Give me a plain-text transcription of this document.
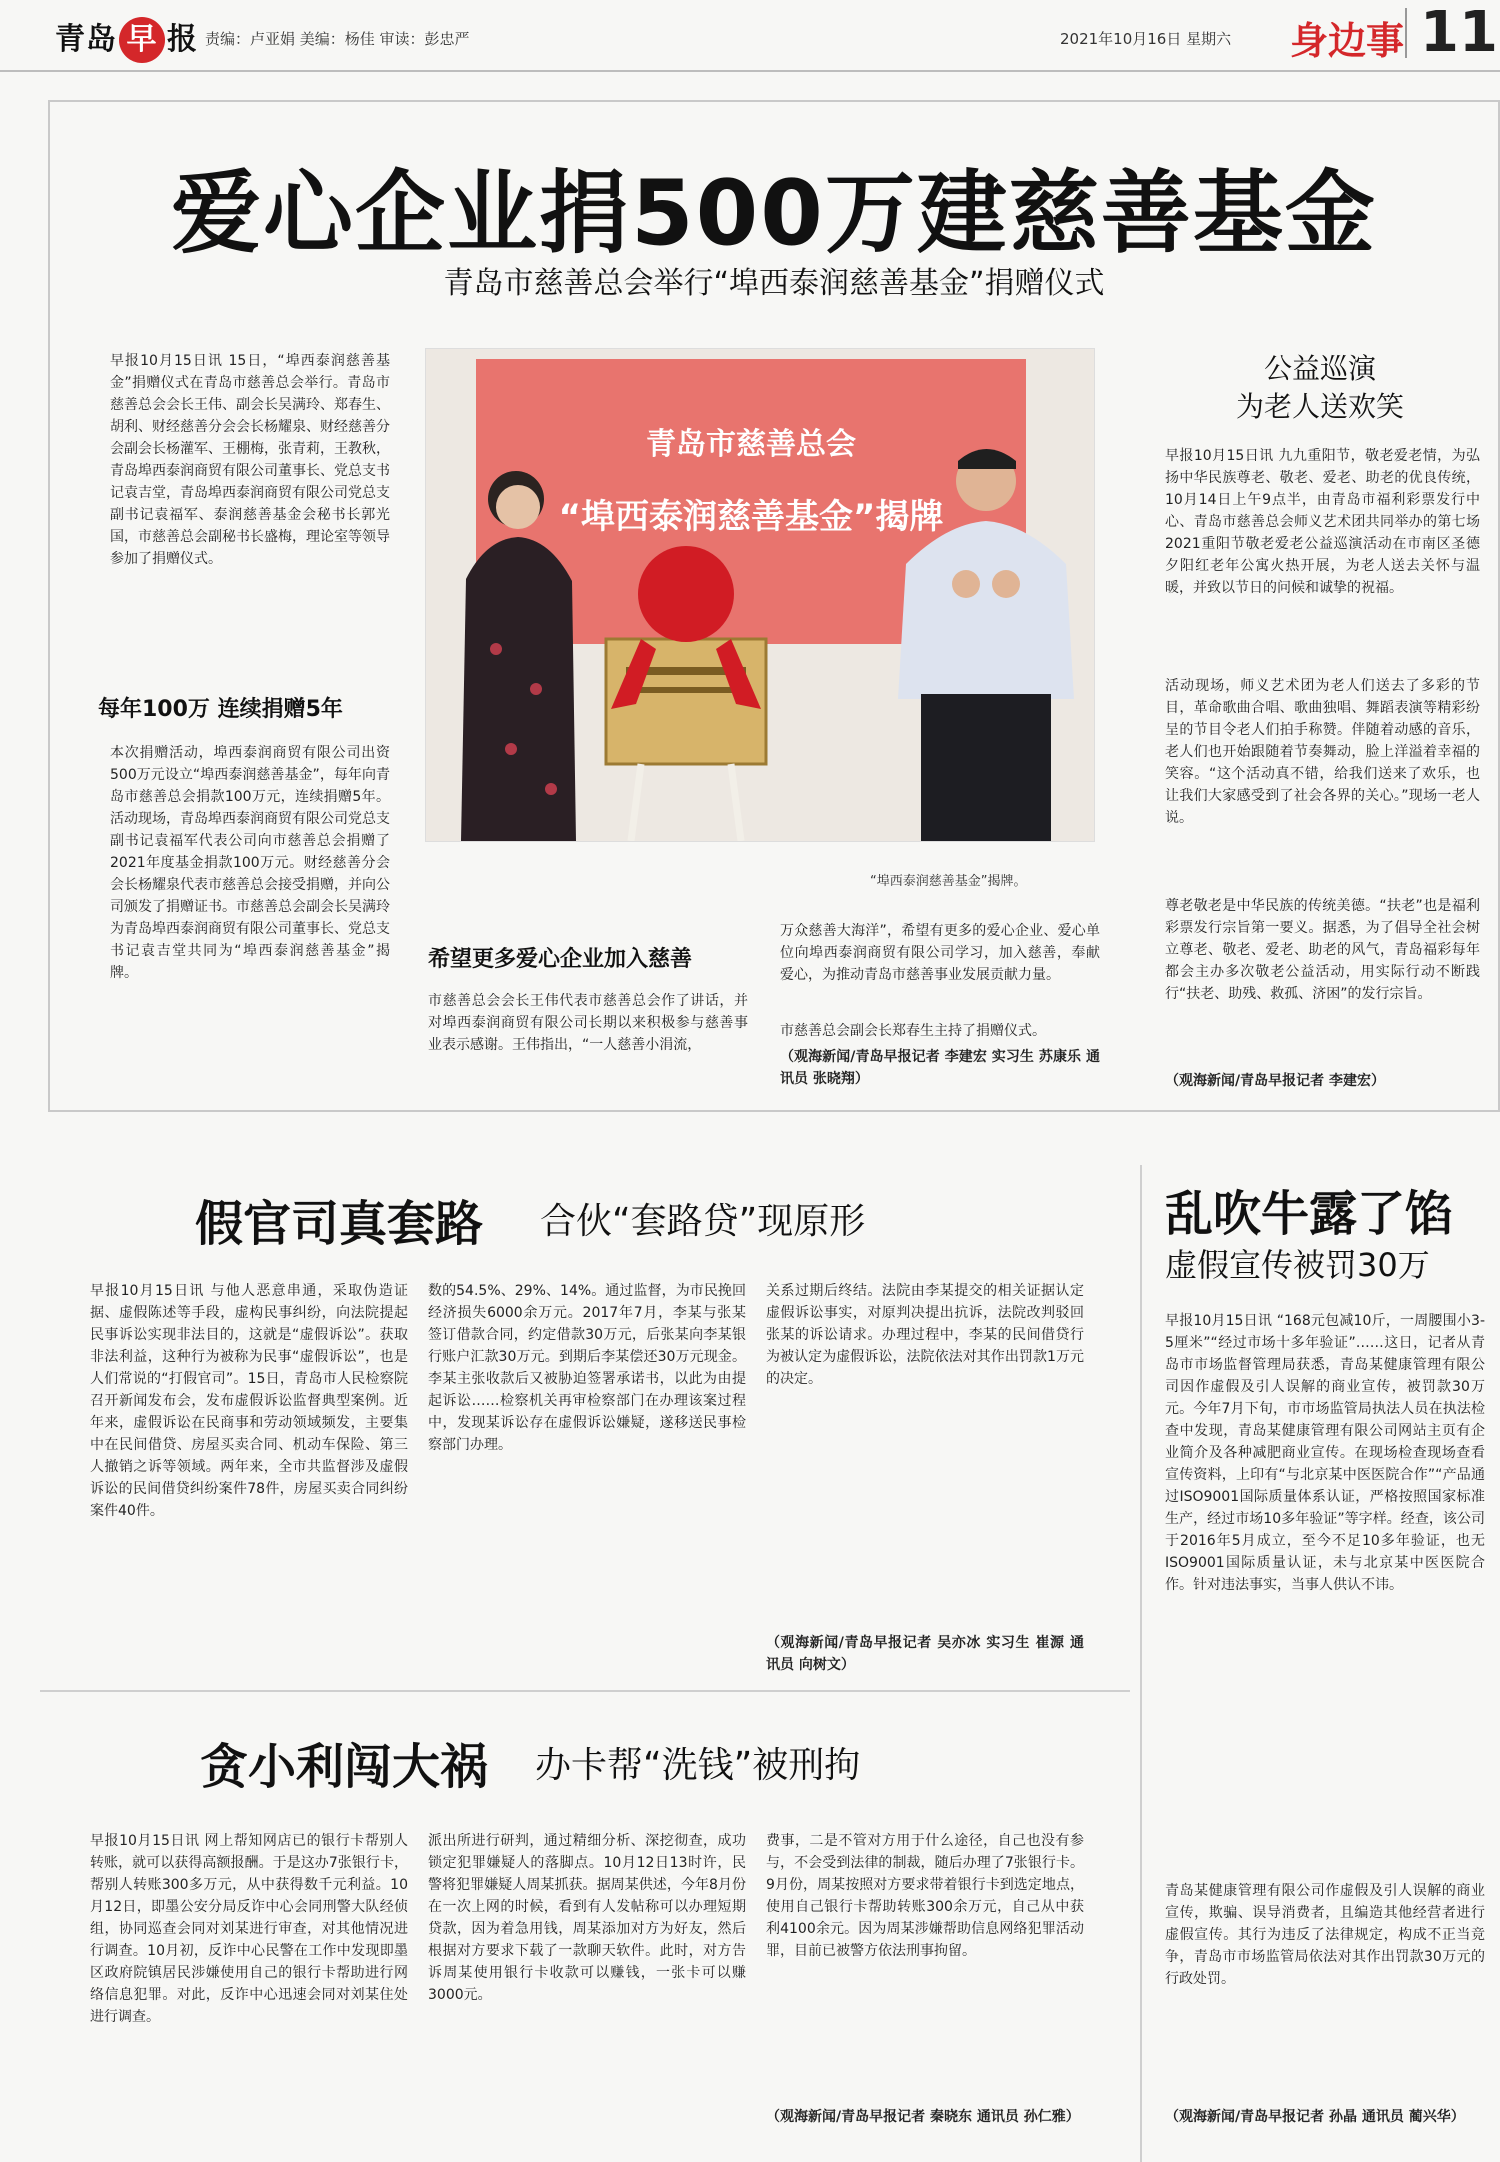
青岛 早 报 责编：卢亚娟 美编：杨佳 审读：彭忠严	2021年10月16日 星期六 身边事 11
爱心企业捐500万建慈善基金
青岛市慈善总会举行“埠西泰润慈善基金”捐赠仪式
早报10月15日讯 15日，“埠西泰润慈善基金”捐赠仪式在青岛市慈善总会举行。青岛市慈善总会会长王伟、副会长吴满玲、郑春生、胡利、财经慈善分会会长杨耀泉、财经慈善分会副会长杨灌军、王棚梅，张青莉，王教秋，青岛埠西泰润商贸有限公司董事长、党总支书记袁吉堂，青岛埠西泰润商贸有限公司党总支副书记袁福军、泰润慈善基金会秘书长郭光国，市慈善总会副秘书长盛梅，理论室等领导参加了捐赠仪式。
每年100万 连续捐赠5年
本次捐赠活动，埠西泰润商贸有限公司出资500万元设立“埠西泰润慈善基金”，每年向青岛市慈善总会捐款100万元，连续捐赠5年。活动现场，青岛埠西泰润商贸有限公司党总支副书记袁福军代表公司向市慈善总会捐赠了2021年度基金捐款100万元。财经慈善分会会长杨耀泉代表市慈善总会接受捐赠，并向公司颁发了捐赠证书。市慈善总会副会长吴满玲为青岛埠西泰润商贸有限公司董事长、党总支书记袁吉堂共同为“埠西泰润慈善基金”揭牌。
青岛市慈善总会
“埠西泰润慈善基金”揭牌
“埠西泰润慈善基金”揭牌。
希望更多爱心企业加入慈善
市慈善总会会长王伟代表市慈善总会作了讲话，并对埠西泰润商贸有限公司长期以来积极参与慈善事业表示感谢。王伟指出，“一人慈善小涓流，
万众慈善大海洋”，希望有更多的爱心企业、爱心单位向埠西泰润商贸有限公司学习，加入慈善，奉献爱心，为推动青岛市慈善事业发展贡献力量。
市慈善总会副会长郑春生主持了捐赠仪式。
（观海新闻/青岛早报记者 李建宏 实习生 苏康乐 通讯员 张晓翔）
公益巡演
为老人送欢笑
早报10月15日讯 九九重阳节，敬老爱老情，为弘扬中华民族尊老、敬老、爱老、助老的优良传统，10月14日上午9点半，由青岛市福利彩票发行中心、青岛市慈善总会师义艺术团共同举办的第七场2021重阳节敬老爱老公益巡演活动在市南区圣德夕阳红老年公寓火热开展，为老人送去关怀与温暖，并致以节日的问候和诚挚的祝福。
活动现场，师义艺术团为老人们送去了多彩的节目，革命歌曲合唱、歌曲独唱、舞蹈表演等精彩纷呈的节目令老人们拍手称赞。伴随着动感的音乐，老人们也开始跟随着节奏舞动，脸上洋溢着幸福的笑容。“这个活动真不错，给我们送来了欢乐，也让我们大家感受到了社会各界的关心。”现场一老人说。
尊老敬老是中华民族的传统美德。“扶老”也是福利彩票发行宗旨第一要义。据悉，为了倡导全社会树立尊老、敬老、爱老、助老的风气，青岛福彩每年都会主办多次敬老公益活动，用实际行动不断践行“扶老、助残、救孤、济困”的发行宗旨。
（观海新闻/青岛早报记者 李建宏）
假官司真套路 合伙“套路贷”现原形
早报10月15日讯 与他人恶意串通，采取伪造证据、虚假陈述等手段，虚构民事纠纷，向法院提起民事诉讼实现非法目的，这就是“虚假诉讼”。获取非法利益，这种行为被称为民事“虚假诉讼”，也是人们常说的“打假官司”。15日，青岛市人民检察院召开新闻发布会，发布虚假诉讼监督典型案例。近年来，虚假诉讼在民商事和劳动领域频发，主要集中在民间借贷、房屋买卖合同、机动车保险、第三人撤销之诉等领域。两年来，全市共监督涉及虚假诉讼的民间借贷纠纷案件78件，房屋买卖合同纠纷案件40件。
数的54.5%、29%、14%。通过监督，为市民挽回经济损失6000余万元。2017年7月，李某与张某签订借款合同，约定借款30万元，后张某向李某银行账户汇款30万元。到期后李某偿还30万元现金。李某主张收款后又被胁迫签署承诺书，以此为由提起诉讼……检察机关再审检察部门在办理该案过程中，发现某诉讼存在虚假诉讼嫌疑，遂移送民事检察部门办理。
关系过期后终结。法院由李某提交的相关证据认定虚假诉讼事实，对原判决提出抗诉，法院改判驳回张某的诉讼请求。办理过程中，李某的民间借贷行为被认定为虚假诉讼，法院依法对其作出罚款1万元的决定。
（观海新闻/青岛早报记者 吴亦冰 实习生 崔源 通讯员 向树文）
贪小利闯大祸 办卡帮“洗钱”被刑拘
早报10月15日讯 网上帮知网店已的银行卡帮别人转账，就可以获得高额报酬。于是这办7张银行卡，帮别人转账300多万元，从中获得数千元利益。10月12日，即墨公安分局反诈中心会同刑警大队经侦组，协同巡查会同对刘某进行审查，对其他情况进行调查。10月初，反诈中心民警在工作中发现即墨区政府院镇居民涉嫌使用自己的银行卡帮助进行网络信息犯罪。对此，反诈中心迅速会同对刘某住处进行调查。
派出所进行研判，通过精细分析、深挖彻查，成功锁定犯罪嫌疑人的落脚点。10月12日13时许，民警将犯罪嫌疑人周某抓获。据周某供述，今年8月份在一次上网的时候，看到有人发帖称可以办理短期贷款，因为着急用钱，周某添加对方为好友，然后根据对方要求下载了一款聊天软件。此时，对方告诉周某使用银行卡收款可以赚钱，一张卡可以赚3000元。
费事，二是不管对方用于什么途径，自己也没有参与，不会受到法律的制裁，随后办理了7张银行卡。9月份，周某按照对方要求带着银行卡到选定地点，使用自己银行卡帮助转账300余万元，自己从中获利4100余元。因为周某涉嫌帮助信息网络犯罪活动罪，目前已被警方依法刑事拘留。
（观海新闻/青岛早报记者 秦晓东 通讯员 孙仁雅）
乱吹牛露了馅
虚假宣传被罚30万
早报10月15日讯 “168元包减10斤，一周腰围小3-5厘米”“经过市场十多年验证”……这日，记者从青岛市市场监督管理局获悉，青岛某健康管理有限公司因作虚假及引人误解的商业宣传，被罚款30万元。今年7月下旬，市市场监管局执法人员在执法检查中发现，青岛某健康管理有限公司网站主页有企业简介及各种减肥商业宣传。在现场检查现场查看宣传资料，上印有“与北京某中医医院合作”“产品通过ISO9001国际质量体系认证，严格按照国家标准生产，经过市场10多年验证”等字样。经查，该公司于2016年5月成立，至今不足10多年验证，也无ISO9001国际质量认证，未与北京某中医医院合作。针对违法事实，当事人供认不讳。
青岛某健康管理有限公司作虚假及引人误解的商业宣传，欺骗、误导消费者，且编造其他经营者进行虚假宣传。其行为违反了法律规定，构成不正当竞争，青岛市市场监管局依法对其作出罚款30万元的行政处罚。
（观海新闻/青岛早报记者 孙晶 通讯员 蔺兴华）
